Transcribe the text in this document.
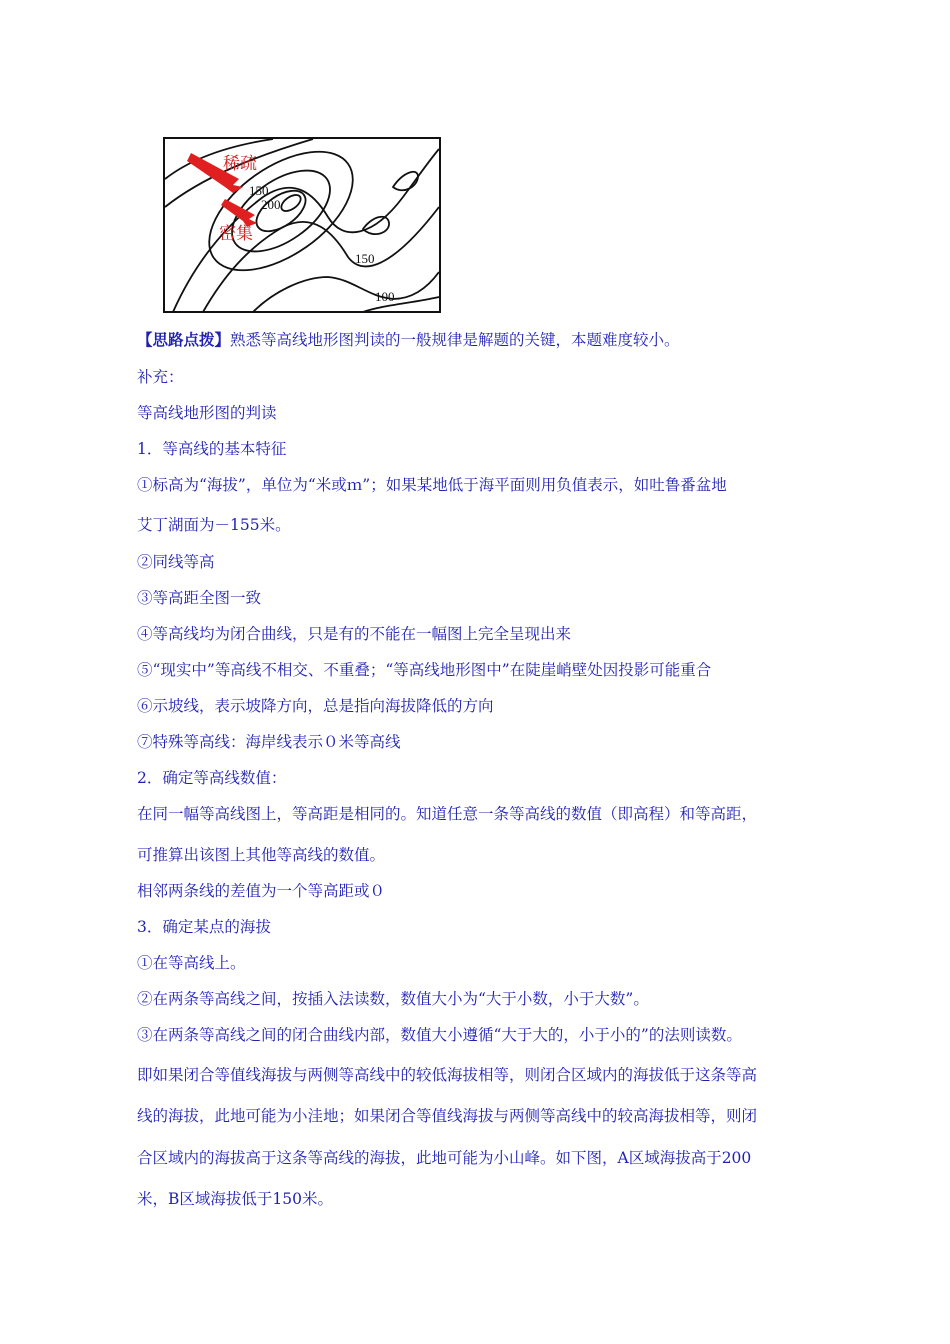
150
200
150
100
稀疏
密集
【思路点拨】熟悉等高线地形图判读的一般规律是解题的关键，本题难度较小。
补充：
等高线地形图的判读
1．等高线的基本特征
①标高为“海拔”，单位为“米或ｍ”；如果某地低于海平面则用负值表示，如吐鲁番盆地
艾丁湖面为－155米。
②同线等高
③等高距全图一致
④等高线均为闭合曲线，只是有的不能在一幅图上完全呈现出来
⑤“现实中”等高线不相交、不重叠；“等高线地形图中”在陡崖峭壁处因投影可能重合
⑥示坡线，表示坡降方向，总是指向海拔降低的方向
⑦特殊等高线：海岸线表示０米等高线
2．确定等高线数值：
在同一幅等高线图上，等高距是相同的。知道任意一条等高线的数值（即高程）和等高距，
可推算出该图上其他等高线的数值。
相邻两条线的差值为一个等高距或０
3．确定某点的海拔
①在等高线上。
②在两条等高线之间，按插入法读数，数值大小为“大于小数，小于大数”。
③在两条等高线之间的闭合曲线内部，数值大小遵循“大于大的，小于小的”的法则读数。
即如果闭合等值线海拔与两侧等高线中的较低海拔相等，则闭合区域内的海拔低于这条等高
线的海拔，此地可能为小洼地；如果闭合等值线海拔与两侧等高线中的较高海拔相等，则闭
合区域内的海拔高于这条等高线的海拔，此地可能为小山峰。如下图，A区域海拔高于200
米，B区域海拔低于150米。
